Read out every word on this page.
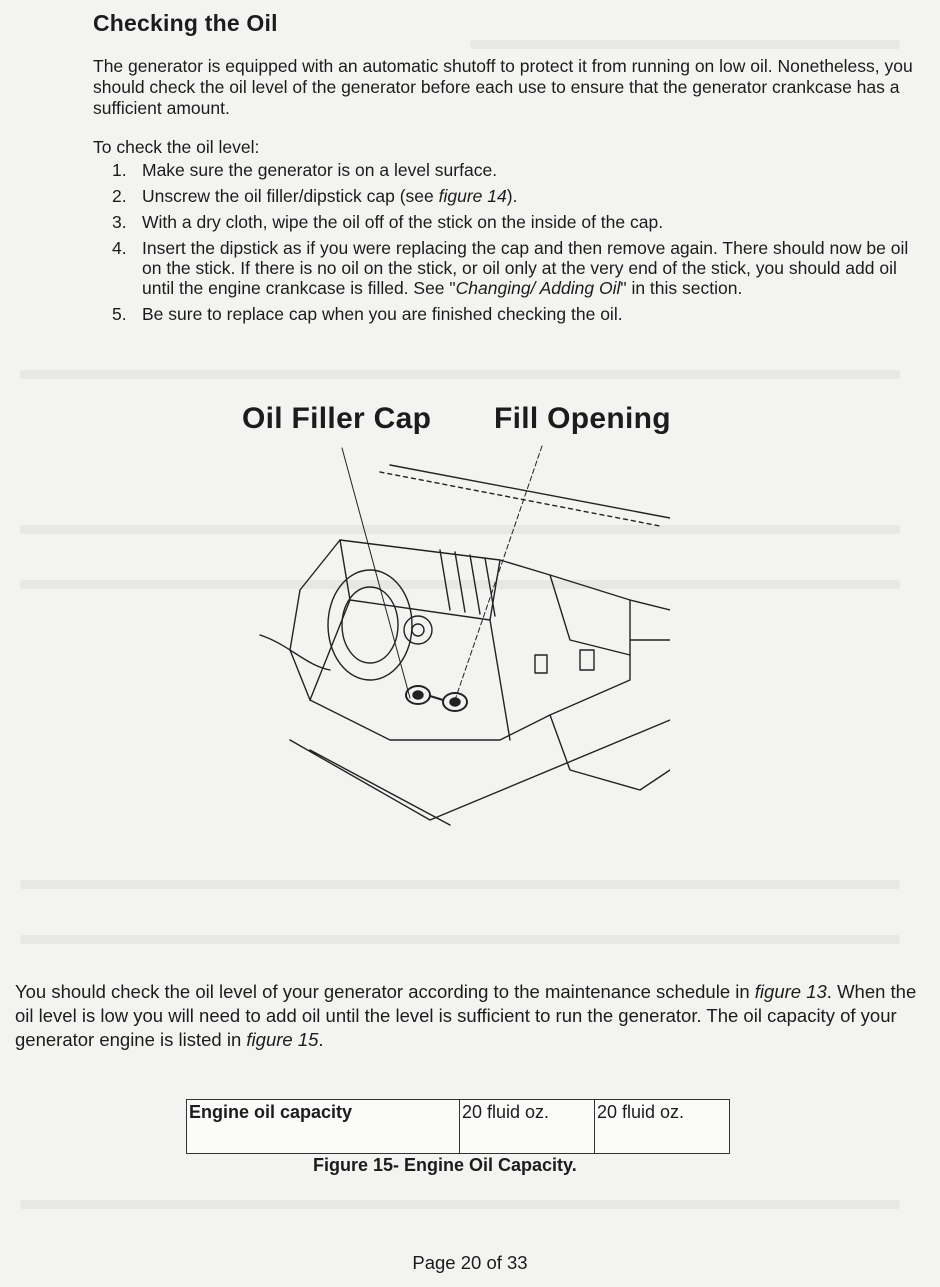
Checking the Oil
The generator is equipped with an automatic shutoff to protect it from running on low oil. Nonetheless, you should check the oil level of the generator before each use to ensure that the generator crankcase has a sufficient amount.
To check the oil level:
1. Make sure the generator is on a level surface.
2. Unscrew the oil filler/dipstick cap (see figure 14).
3. With a dry cloth, wipe the oil off of the stick on the inside of the cap.
4. Insert the dipstick as if you were replacing the cap and then remove again. There should now be oil on the stick. If there is no oil on the stick, or oil only at the very end of the stick, you should add oil until the engine crankcase is filled. See "Changing/ Adding Oil" in this section.
5. Be sure to replace cap when you are finished checking the oil.
Oil Filler Cap Fill Opening
You should check the oil level of your generator according to the maintenance schedule in figure 13. When the oil level is low you will need to add oil until the level is sufficient to run the generator. The oil capacity of your generator engine is listed in figure 15.
Engine oil capacity	20 fluid oz.	20 fluid oz.
Figure 15- Engine Oil Capacity.
Page 20 of 33
